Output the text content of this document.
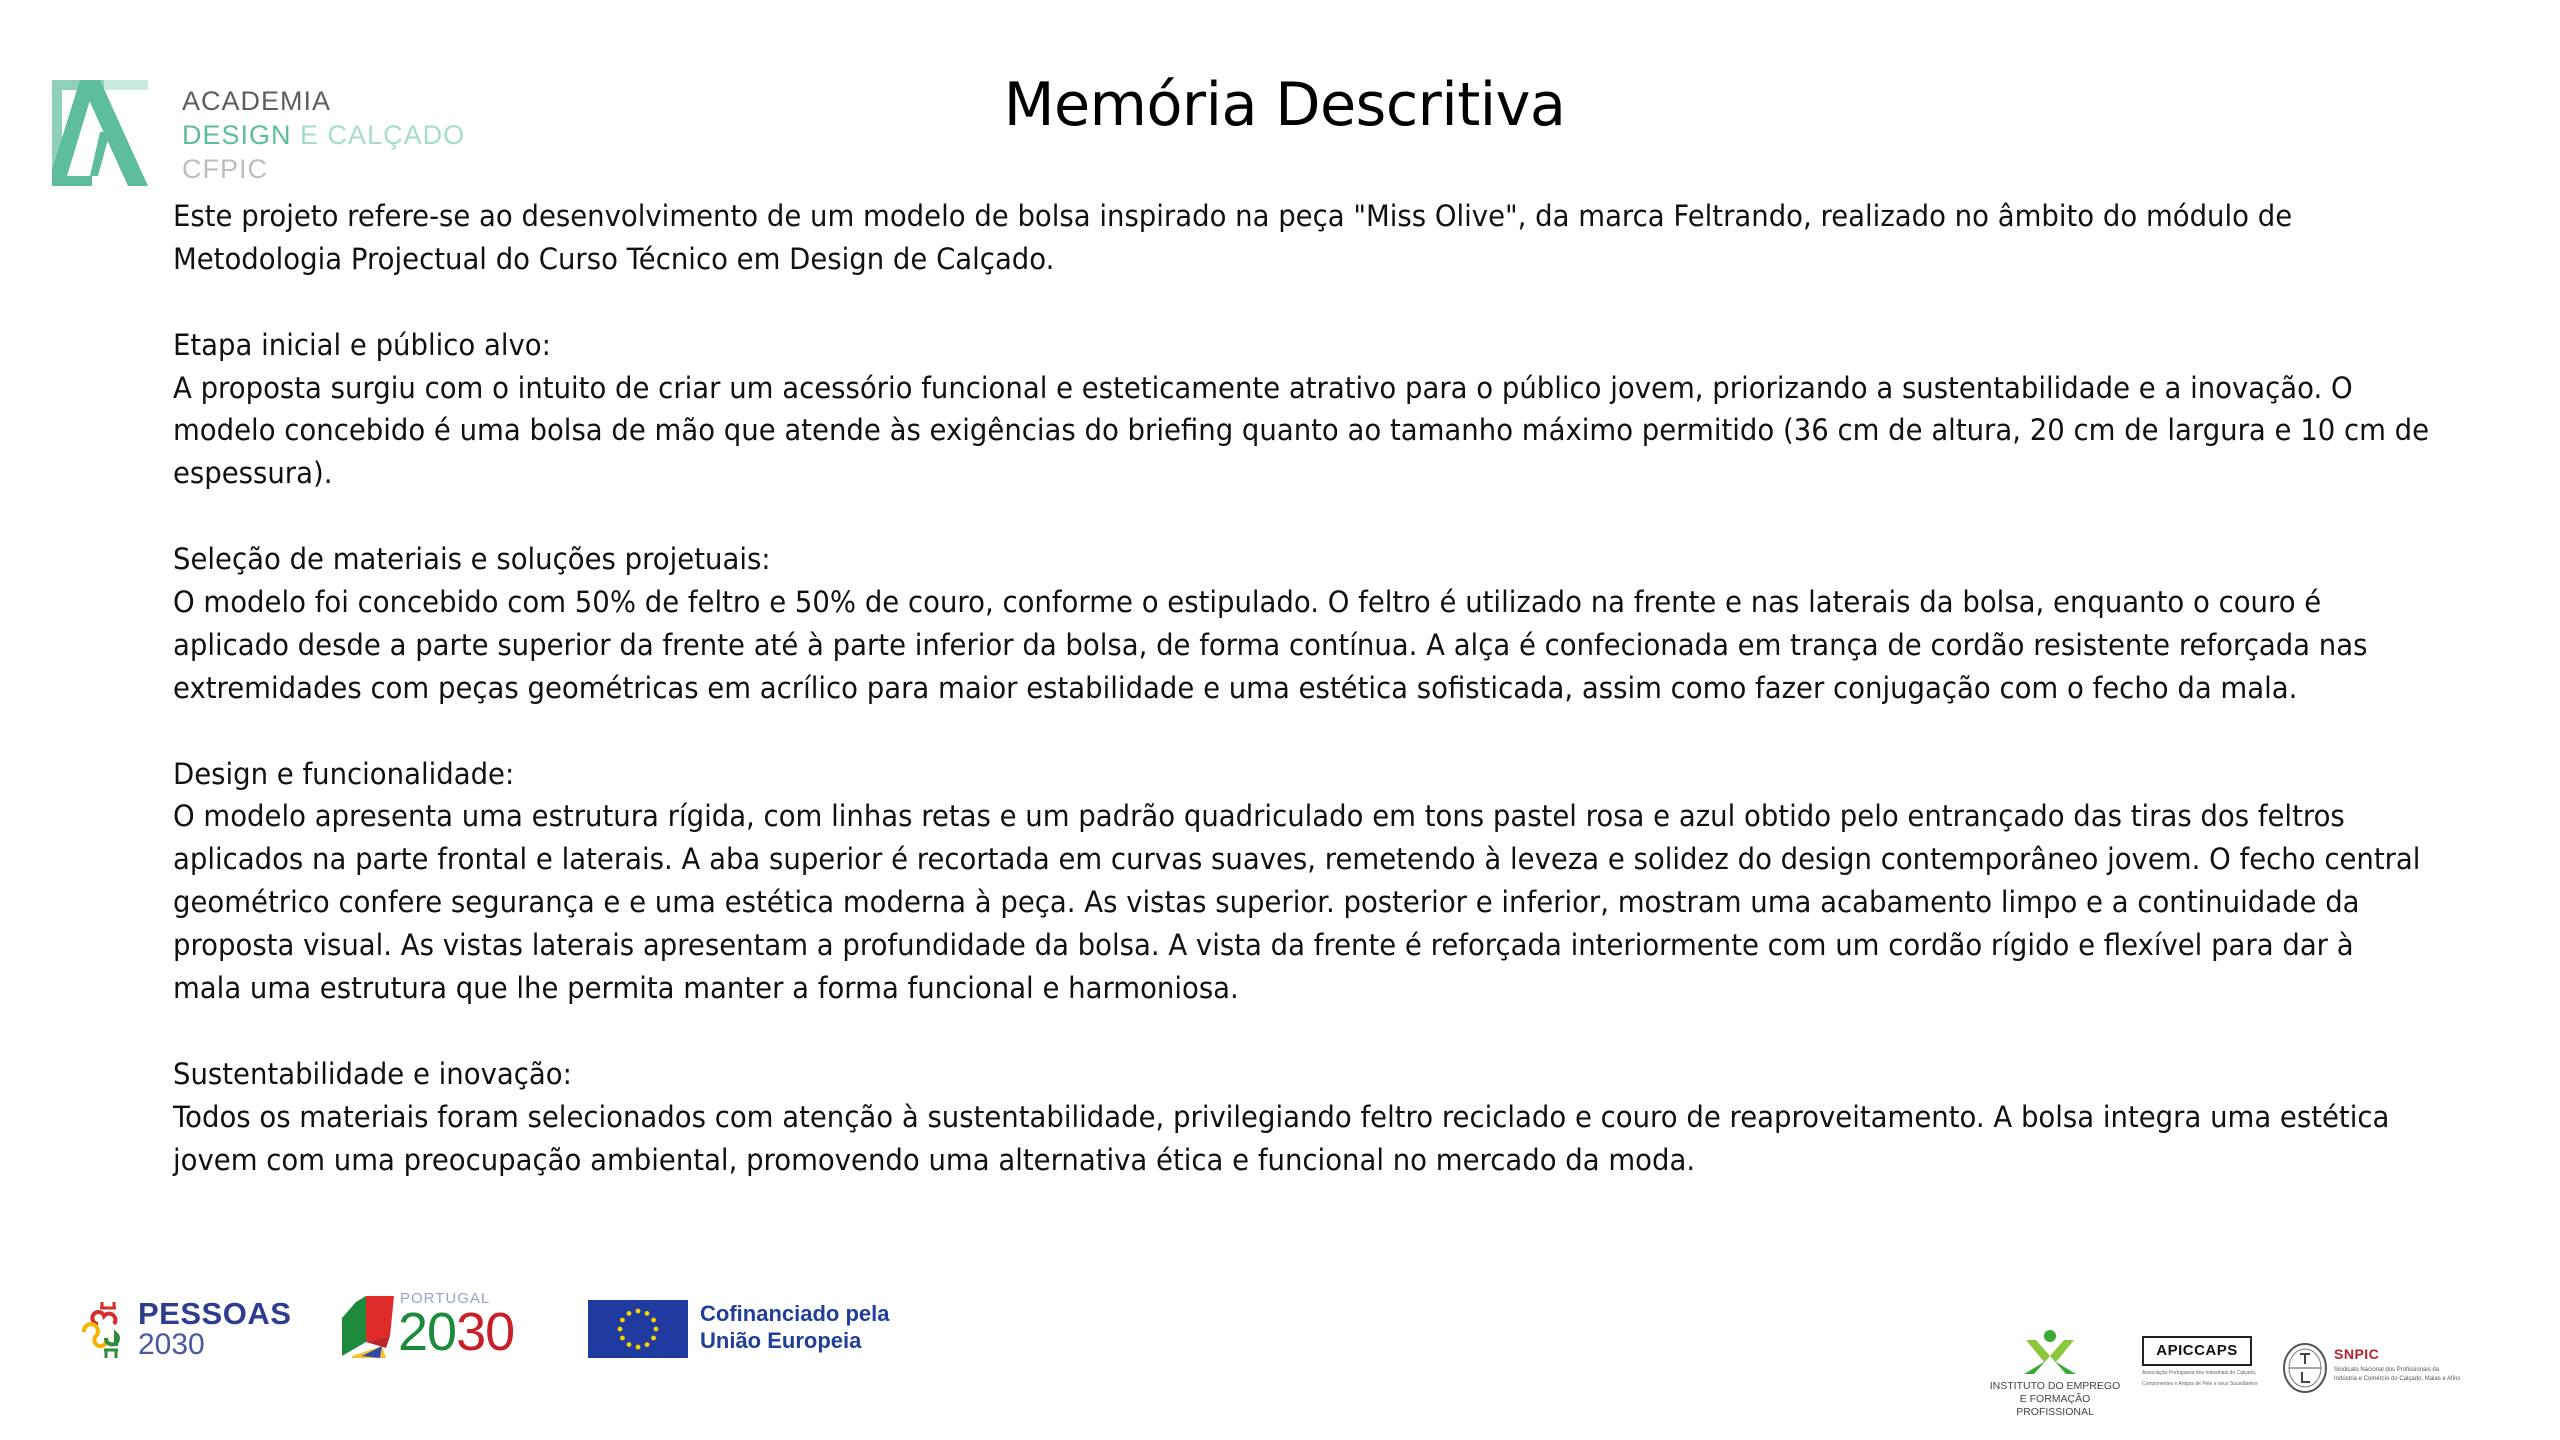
ACADEMIA
DESIGN E CALÇADO
CFPIC
Memória Descritiva
Este projeto refere-se ao desenvolvimento de um modelo de bolsa inspirado na peça "Miss Olive", da marca Feltrando, realizado no âmbito do módulo de
Metodologia Projectual do Curso Técnico em Design de Calçado.
Etapa inicial e público alvo:
A proposta surgiu com o intuito de criar um acessório funcional e esteticamente atrativo para o público jovem, priorizando a sustentabilidade e a inovação. O
modelo concebido é uma bolsa de mão que atende às exigências do briefing quanto ao tamanho máximo permitido (36 cm de altura, 20 cm de largura e 10 cm de
espessura).
Seleção de materiais e soluções projetuais:
O modelo foi concebido com 50% de feltro e 50% de couro, conforme o estipulado. O feltro é utilizado na frente e nas laterais da bolsa, enquanto o couro é
aplicado desde a parte superior da frente até à parte inferior da bolsa, de forma contínua. A alça é confecionada em trança de cordão resistente reforçada nas
extremidades com peças geométricas em acrílico para maior estabilidade e uma estética sofisticada, assim como fazer conjugação com o fecho da mala.
Design e funcionalidade:
O modelo apresenta uma estrutura rígida, com linhas retas e um padrão quadriculado em tons pastel rosa e azul obtido pelo entrançado das tiras dos feltros
aplicados na parte frontal e laterais. A aba superior é recortada em curvas suaves, remetendo à leveza e solidez do design contemporâneo jovem. O fecho central
geométrico confere segurança e e uma estética moderna à peça. As vistas superior. posterior e inferior, mostram uma acabamento limpo e a continuidade da
proposta visual. As vistas laterais apresentam a profundidade da bolsa. A vista da frente é reforçada interiormente com um cordão rígido e flexível para dar à
mala uma estrutura que lhe permita manter a forma funcional e harmoniosa.
Sustentabilidade e inovação:
Todos os materiais foram selecionados com atenção à sustentabilidade, privilegiando feltro reciclado e couro de reaproveitamento. A bolsa integra uma estética
jovem com uma preocupação ambiental, promovendo uma alternativa ética e funcional no mercado da moda.
PESSOAS
2030
PORTUGAL
2030	Cofinanciado pela
União Europeia
INSTITUTO DO EMPREGO
E FORMAÇÃO PROFISSIONAL
APICCAPS
Associação Portuguesa dos Industriais de Calçado,
Componentes e Artigos de Pele e seus Sucedâneos
SNPIC
Sindicato Nacional dos Profissionais da
Indústria e Comércio do Calçado, Malas e Afins
